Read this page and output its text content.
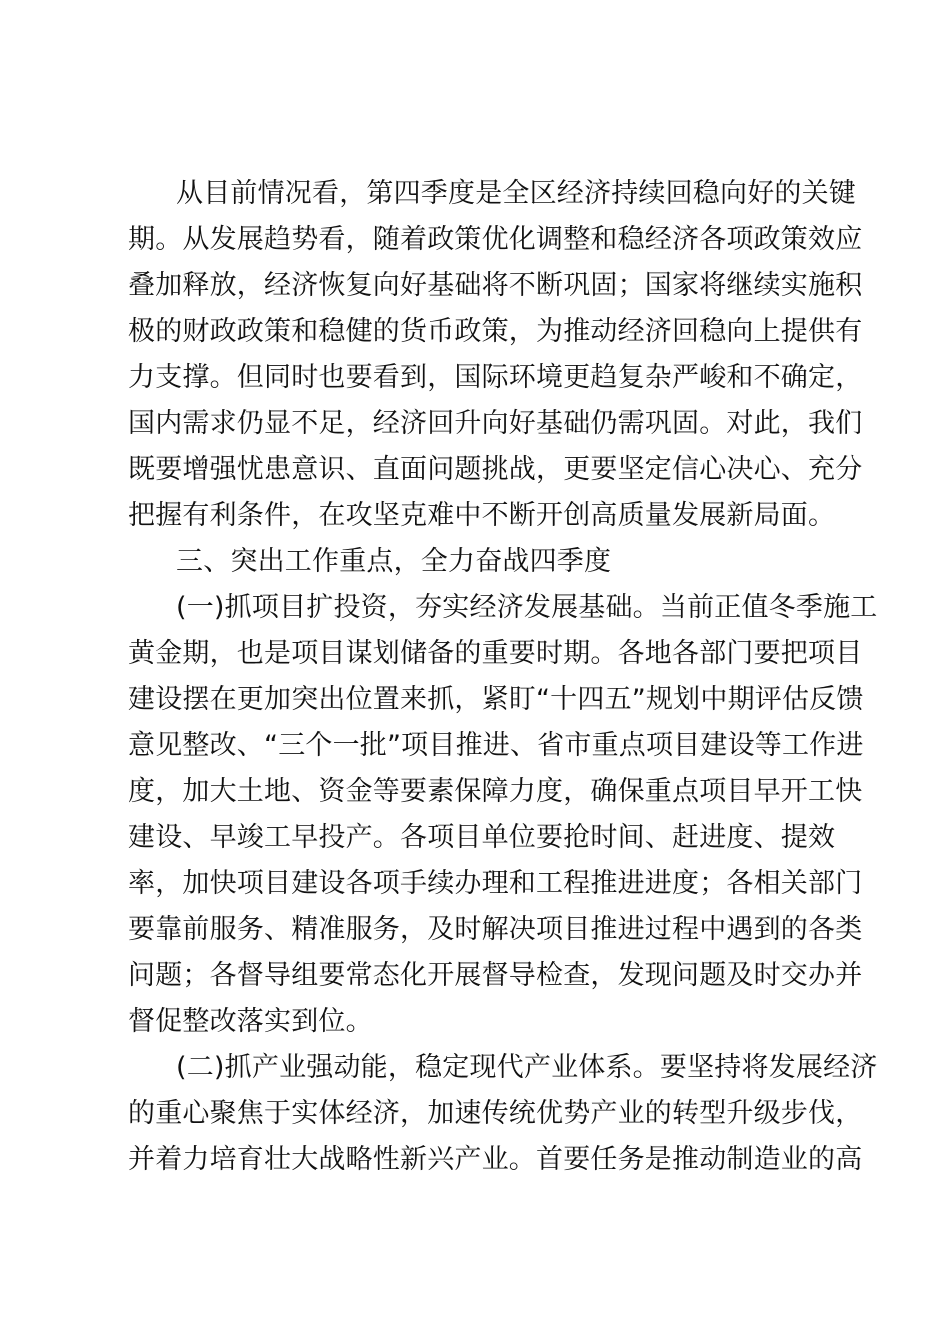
从目前情况看，第四季度是全区经济持续回稳向好的关键
期。从发展趋势看，随着政策优化调整和稳经济各项政策效应
叠加释放，经济恢复向好基础将不断巩固；国家将继续实施积
极的财政政策和稳健的货币政策，为推动经济回稳向上提供有
力支撑。但同时也要看到，国际环境更趋复杂严峻和不确定，
国内需求仍显不足，经济回升向好基础仍需巩固。对此，我们
既要增强忧患意识、直面问题挑战，更要坚定信心决心、充分
把握有利条件，在攻坚克难中不断开创高质量发展新局面。
三、突出工作重点，全力奋战四季度
(一)抓项目扩投资，夯实经济发展基础。当前正值冬季施工
黄金期，也是项目谋划储备的重要时期。各地各部门要把项目
建设摆在更加突出位置来抓，紧盯“十四五”规划中期评估反馈
意见整改、“三个一批”项目推进、省市重点项目建设等工作进
度，加大土地、资金等要素保障力度，确保重点项目早开工快
建设、早竣工早投产。各项目单位要抢时间、赶进度、提效
率，加快项目建设各项手续办理和工程推进进度；各相关部门
要靠前服务、精准服务，及时解决项目推进过程中遇到的各类
问题；各督导组要常态化开展督导检查，发现问题及时交办并
督促整改落实到位。
(二)抓产业强动能，稳定现代产业体系。要坚持将发展经济
的重心聚焦于实体经济，加速传统优势产业的转型升级步伐，
并着力培育壮大战略性新兴产业。首要任务是推动制造业的高
